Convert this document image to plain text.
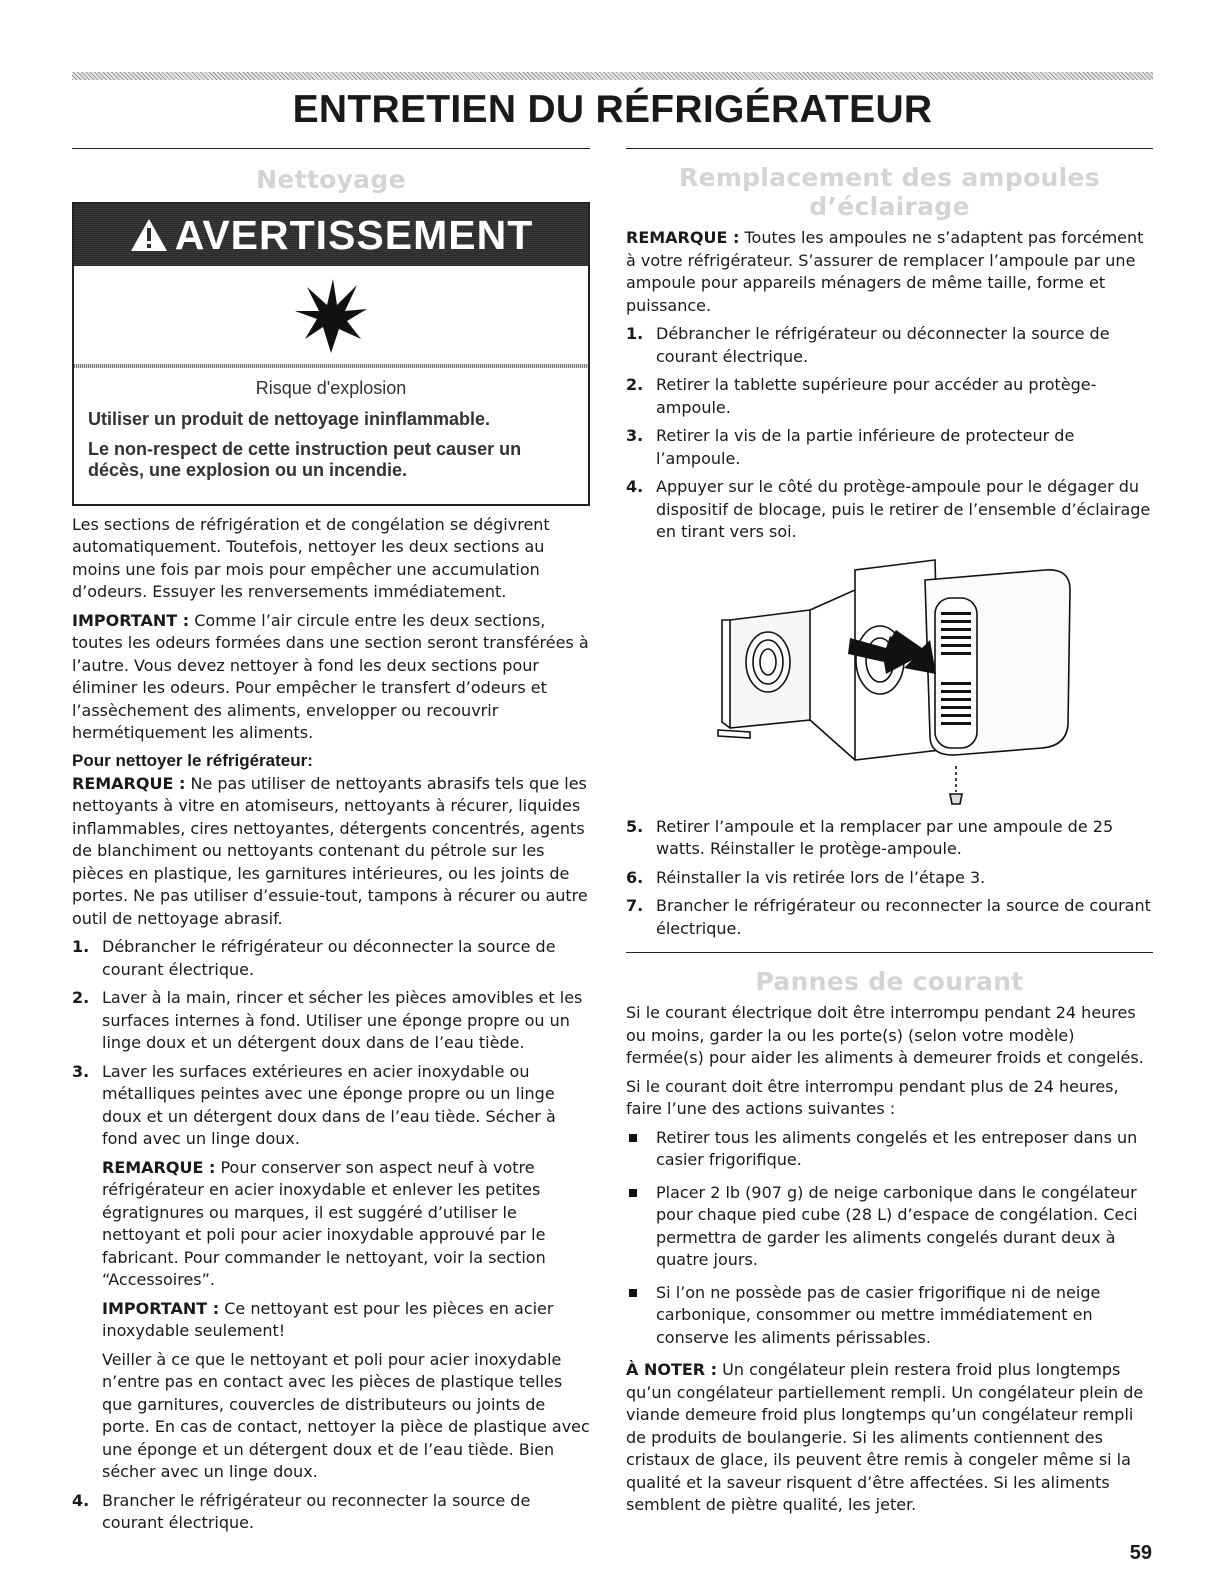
ENTRETIEN DU RÉFRIGÉRATEUR
Nettoyage
AVERTISSEMENT
Risque d'explosion
Utiliser un produit de nettoyage ininflammable.
Le non-respect de cette instruction peut causer un décès, une explosion ou un incendie.

Les sections de réfrigération et de congélation se dégivrent automatiquement. Toutefois, nettoyer les deux sections au moins une fois par mois pour empêcher une accumulation d’odeurs. Essuyer les renversements immédiatement.

IMPORTANT : Comme l’air circule entre les deux sections, toutes les odeurs formées dans une section seront transférées à l’autre. Vous devez nettoyer à fond les deux sections pour éliminer les odeurs. Pour empêcher le transfert d’odeurs et l’assèchement des aliments, envelopper ou recouvrir hermétiquement les aliments.

Pour nettoyer le réfrigérateur:

REMARQUE : Ne pas utiliser de nettoyants abrasifs tels que les nettoyants à vitre en atomiseurs, nettoyants à récurer, liquides inflammables, cires nettoyantes, détergents concentrés, agents de blanchiment ou nettoyants contenant du pétrole sur les pièces en plastique, les garnitures intérieures, ou les joints de portes. Ne pas utiliser d’essuie-tout, tampons à récurer ou autre outil de nettoyage abrasif.

1. Débrancher le réfrigérateur ou déconnecter la source de courant électrique.
2. Laver à la main, rincer et sécher les pièces amovibles et les surfaces internes à fond. Utiliser une éponge propre ou un linge doux et un détergent doux dans de l’eau tiède.
3. Laver les surfaces extérieures en acier inoxydable ou métalliques peintes avec une éponge propre ou un linge doux et un détergent doux dans de l’eau tiède. Sécher à fond avec un linge doux.

REMARQUE : Pour conserver son aspect neuf à votre réfrigérateur en acier inoxydable et enlever les petites égratignures ou marques, il est suggéré d’utiliser le nettoyant et poli pour acier inoxydable approuvé par le fabricant. Pour commander le nettoyant, voir la section “Accessoires”.

IMPORTANT : Ce nettoyant est pour les pièces en acier inoxydable seulement!

Veiller à ce que le nettoyant et poli pour acier inoxydable n’entre pas en contact avec les pièces de plastique telles que garnitures, couvercles de distributeurs ou joints de porte. En cas de contact, nettoyer la pièce de plastique avec une éponge et un détergent doux et de l’eau tiède. Bien sécher avec un linge doux.

4. Brancher le réfrigérateur ou reconnecter la source de courant électrique.
Remplacement des ampoules d’éclairage

REMARQUE : Toutes les ampoules ne s’adaptent pas forcément à votre réfrigérateur. S’assurer de remplacer l’ampoule par une ampoule pour appareils ménagers de même taille, forme et puissance.

1. Débrancher le réfrigérateur ou déconnecter la source de courant électrique.
2. Retirer la tablette supérieure pour accéder au protège-ampoule.
3. Retirer la vis de la partie inférieure de protecteur de l’ampoule.
4. Appuyer sur le côté du protège-ampoule pour le dégager du dispositif de blocage, puis le retirer de l’ensemble d’éclairage en tirant vers soi.
5. Retirer l’ampoule et la remplacer par une ampoule de 25 watts. Réinstaller le protège-ampoule.
6. Réinstaller la vis retirée lors de l’étape 3.
7. Brancher le réfrigérateur ou reconnecter la source de courant électrique.
Pannes de courant

Si le courant électrique doit être interrompu pendant 24 heures ou moins, garder la ou les porte(s) (selon votre modèle) fermée(s) pour aider les aliments à demeurer froids et congelés.

Si le courant doit être interrompu pendant plus de 24 heures, faire l’une des actions suivantes :

Retirer tous les aliments congelés et les entreposer dans un casier frigorifique.
Placer 2 lb (907 g) de neige carbonique dans le congélateur pour chaque pied cube (28 L) d’espace de congélation. Ceci permettra de garder les aliments congelés durant deux à quatre jours.
Si l’on ne possède pas de casier frigorifique ni de neige carbonique, consommer ou mettre immédiatement en conserve les aliments périssables.

À NOTER : Un congélateur plein restera froid plus longtemps qu’un congélateur partiellement rempli. Un congélateur plein de viande demeure froid plus longtemps qu’un congélateur rempli de produits de boulangerie. Si les aliments contiennent des cristaux de glace, ils peuvent être remis à congeler même si la qualité et la saveur risquent d’être affectées. Si les aliments semblent de piètre qualité, les jeter.

59
